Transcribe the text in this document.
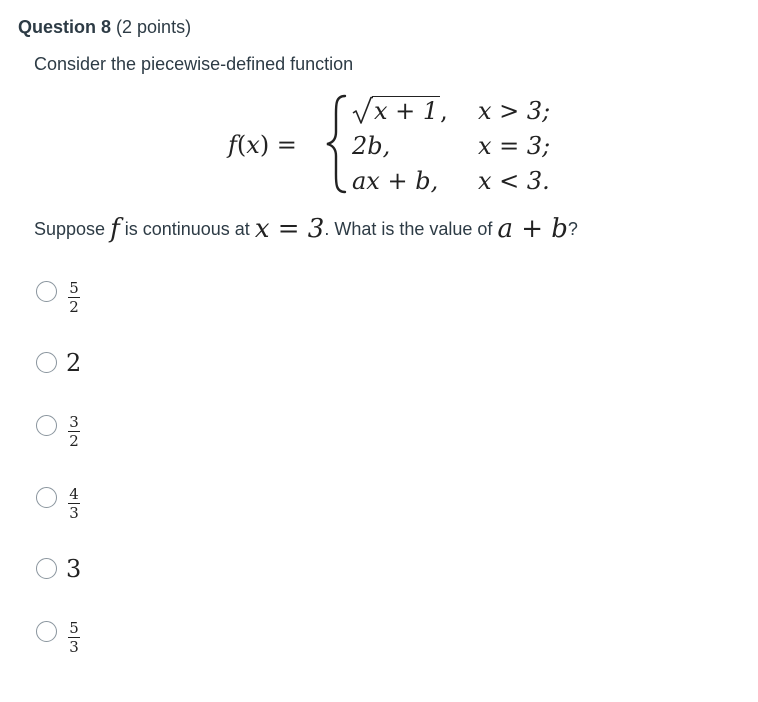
Question 8 (2 points)
Consider the piecewise-defined function
f(x) =
x + 1, x > 3;
2b,	x = 3;
ax + b, x < 3.
Suppose f is continuous at x = 3. What is the value of a + b?
5
2
2
3
2
4
3
3
5
3
